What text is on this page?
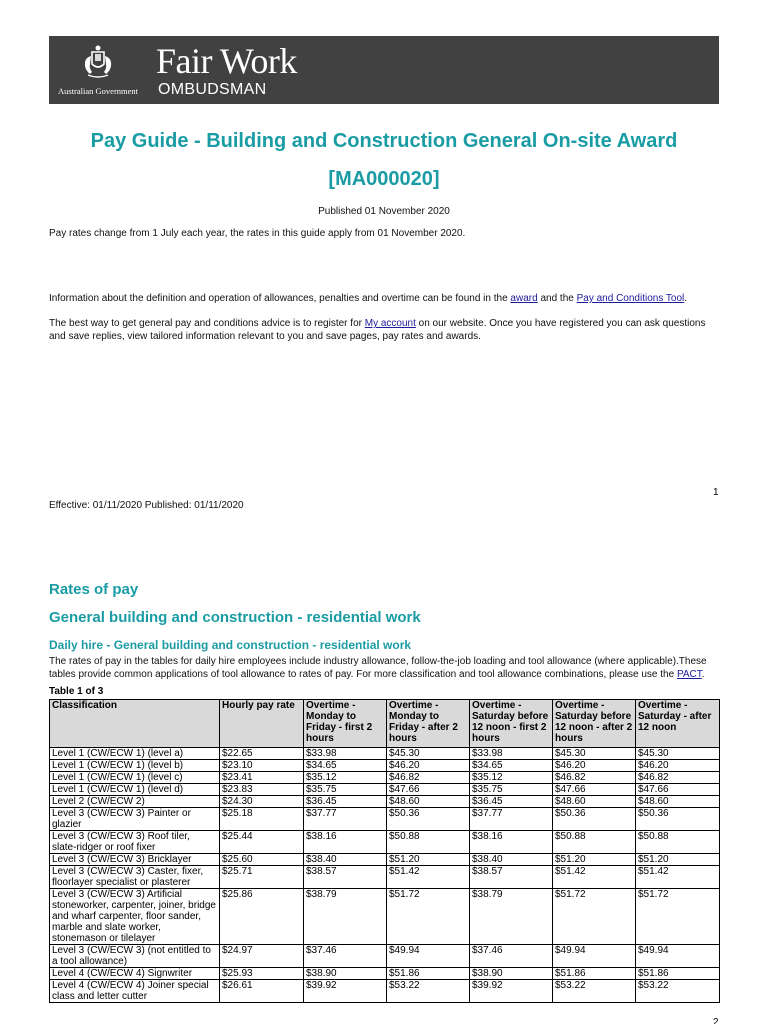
Australian Government
Fair Work
OMBUDSMAN
Pay Guide - Building and Construction General On-site Award
[MA000020]
Published 01 November 2020
Pay rates change from 1 July each year, the rates in this guide apply from 01 November 2020.
Information about the definition and operation of allowances, penalties and overtime can be found in the award and the Pay and Conditions Tool.
The best way to get general pay and conditions advice is to register for My account on our website. Once you have registered you can ask questions and save replies, view tailored information relevant to you and save pages, pay rates and awards.
1
Effective: 01/11/2020 Published: 01/11/2020
Rates of pay
General building and construction - residential work
Daily hire - General building and construction - residential work
The rates of pay in the tables for daily hire employees include industry allowance, follow-the-job loading and tool allowance (where applicable).These tables provide common applications of tool allowance to rates of pay. For more classification and tool allowance combinations, please use the PACT.
Table 1 of 3
Classification	Hourly pay rate	Overtime - Monday to Friday - first 2 hours	Overtime - Monday to Friday - after 2 hours	Overtime - Saturday before 12 noon - first 2 hours	Overtime - Saturday before 12 noon - after 2 hours	Overtime - Saturday - after 12 noon
Level 1 (CW/ECW 1) (level a)	$22.65	$33.98	$45.30	$33.98	$45.30	$45.30
Level 1 (CW/ECW 1) (level b)	$23.10	$34.65	$46.20	$34.65	$46.20	$46.20
Level 1 (CW/ECW 1) (level c)	$23.41	$35.12	$46.82	$35.12	$46.82	$46.82
Level 1 (CW/ECW 1) (level d)	$23.83	$35.75	$47.66	$35.75	$47.66	$47.66
Level 2 (CW/ECW 2)	$24.30	$36.45	$48.60	$36.45	$48.60	$48.60
Level 3 (CW/ECW 3) Painter or glazier	$25.18	$37.77	$50.36	$37.77	$50.36	$50.36
Level 3 (CW/ECW 3) Roof tiler, slate-ridger or roof fixer	$25.44	$38.16	$50.88	$38.16	$50.88	$50.88
Level 3 (CW/ECW 3) Bricklayer	$25.60	$38.40	$51.20	$38.40	$51.20	$51.20
Level 3 (CW/ECW 3) Caster, fixer, floorlayer specialist or plasterer	$25.71	$38.57	$51.42	$38.57	$51.42	$51.42
Level 3 (CW/ECW 3) Artificial stoneworker, carpenter, joiner, bridge and wharf carpenter, floor sander, marble and slate worker, stonemason or tilelayer	$25.86	$38.79	$51.72	$38.79	$51.72	$51.72
Level 3 (CW/ECW 3) (not entitled to a tool allowance)	$24.97	$37.46	$49.94	$37.46	$49.94	$49.94
Level 4 (CW/ECW 4) Signwriter	$25.93	$38.90	$51.86	$38.90	$51.86	$51.86
Level 4 (CW/ECW 4) Joiner special class and letter cutter	$26.61	$39.92	$53.22	$39.92	$53.22	$53.22
2
